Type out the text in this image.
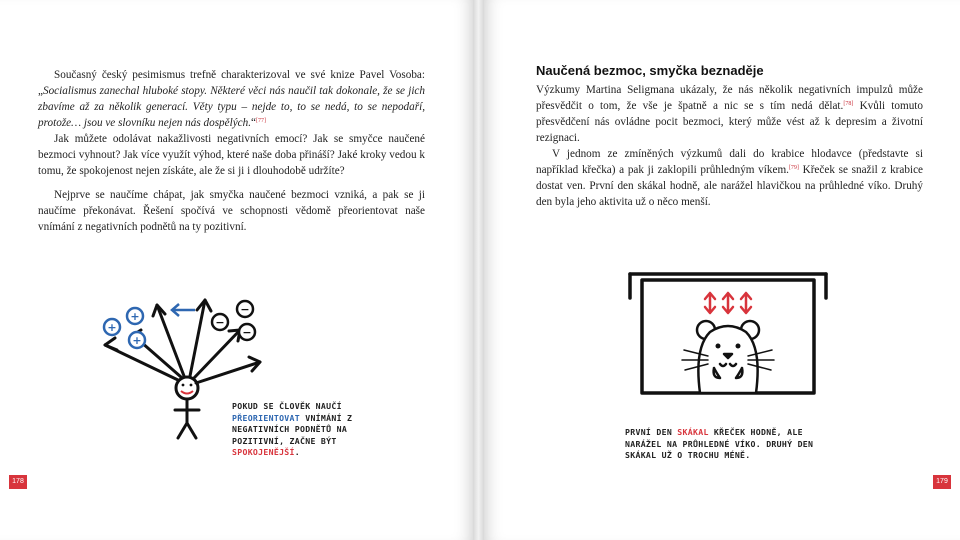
Současný český pesimismus trefně charakterizoval ve své knize Pavel Vosoba: „Socialismus zanechal hluboké stopy. Některé věci nás naučil tak dokonale, že se jich zbavíme až za několik generací. Věty typu – nejde to, to se nedá, to se nepodaří, protože… jsou ve slovníku nejen nás dospělých.“[77]

Jak můžete odolávat nakažlivosti negativních emocí? Jak se smyčce naučené bezmoci vyhnout? Jak více využít výhod, které naše doba přináší? Jaké kroky vedou k tomu, že spokojenost nejen získáte, ale že si ji i dlouhodobě udržíte?

Nejprve se naučíme chápat, jak smyčka naučené bezmoci vzniká, a pak se ji naučíme překonávat. Řešení spočívá ve schopnosti vědomě přeorientovat naše vnímání z negativních podnětů na ty pozitivní.

+
+
+
−
−
−
POKUD SE ČLOVĚK NAUČÍ PŘEORIENTOVAT VNÍMÁNÍ Z NEGATIVNÍCH PODNĚTŮ NA POZITIVNÍ, ZAČNE BÝT SPOKOJENĚJŠÍ.
178
Naučená bezmoc, smyčka beznaděje

Výzkumy Martina Seligmana ukázaly, že nás několik negativních impulzů může přesvědčit o tom, že vše je špatně a nic se s tím nedá dělat.[78] Kvůli tomuto přesvědčení nás ovládne pocit bezmoci, který může vést až k depresim a životní rezignaci.

V jednom ze zmíněných výzkumů dali do krabice hlodavce (představte si například křečka) a pak ji zaklopili průhledným víkem.[79] Křeček se snažil z krabice dostat ven. První den skákal hodně, ale narážel hlavičkou na průhledné víko. Druhý den byla jeho aktivita už o něco menší.

PRVNÍ DEN SKÁKAL KŘEČEK HODNĚ, ALE NARÁŽEL NA PRŮHLEDNÉ VÍKO. DRUHÝ DEN SKÁKAL UŽ O TROCHU MÉNĚ.
179
